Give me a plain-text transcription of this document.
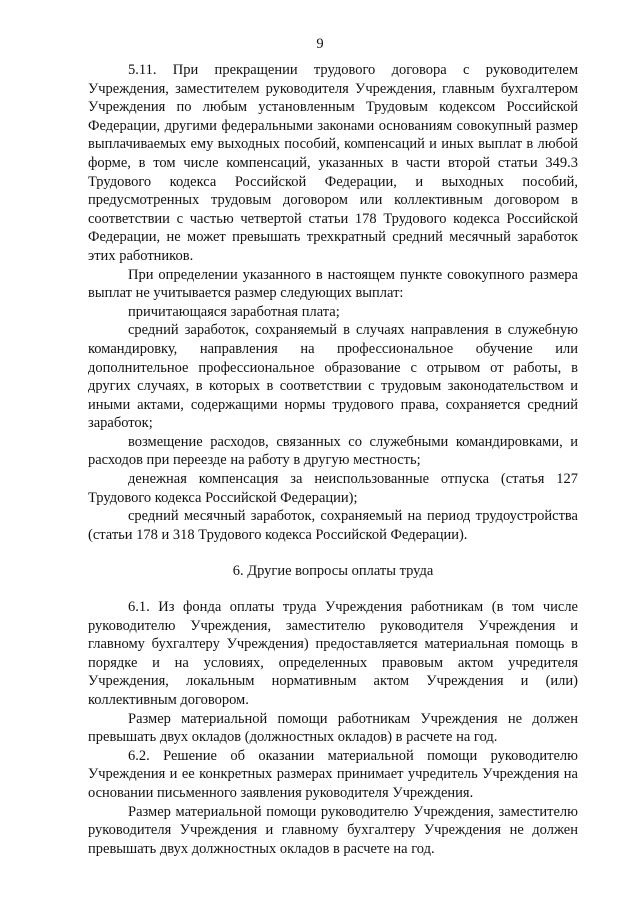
9

5.11. При прекращении трудового договора с руководителем Учреждения, заместителем руководителя Учреждения, главным бухгалтером Учреждения по любым установленным Трудовым кодексом Российской Федерации, другими федеральными законами основаниям совокупный размер выплачиваемых ему выходных пособий, компенсаций и иных выплат в любой форме, в том числе компенсаций, указанных в части второй статьи 349.3 Трудового кодекса Российской Федерации, и выходных пособий, предусмотренных трудовым договором или коллективным договором в соответствии с частью четвертой статьи 178 Трудового кодекса Российской Федерации, не может превышать трехкратный средний месячный заработок этих работников.

При определении указанного в настоящем пункте совокупного размера выплат не учитывается размер следующих выплат:

причитающаяся заработная плата;

средний заработок, сохраняемый в случаях направления в служебную командировку, направления на профессиональное обучение или дополнительное профессиональное образование с отрывом от работы, в других случаях, в которых в соответствии с трудовым законодательством и иными актами, содержащими нормы трудового права, сохраняется средний заработок;

возмещение расходов, связанных со служебными командировками, и расходов при переезде на работу в другую местность;

денежная компенсация за неиспользованные отпуска (статья 127 Трудового кодекса Российской Федерации);

средний месячный заработок, сохраняемый на период трудоустройства (статьи 178 и 318 Трудового кодекса Российской Федерации).

6. Другие вопросы оплаты труда

6.1. Из фонда оплаты труда Учреждения работникам (в том числе руководителю Учреждения, заместителю руководителя Учреждения и главному бухгалтеру Учреждения) предоставляется материальная помощь в порядке и на условиях, определенных правовым актом учредителя Учреждения, локальным нормативным актом Учреждения и (или) коллективным договором.

Размер материальной помощи работникам Учреждения не должен превышать двух окладов (должностных окладов) в расчете на год.

6.2. Решение об оказании материальной помощи руководителю Учреждения и ее конкретных размерах принимает учредитель Учреждения на основании письменного заявления руководителя Учреждения.

Размер материальной помощи руководителю Учреждения, заместителю руководителя Учреждения и главному бухгалтеру Учреждения не должен превышать двух должностных окладов в расчете на год.
